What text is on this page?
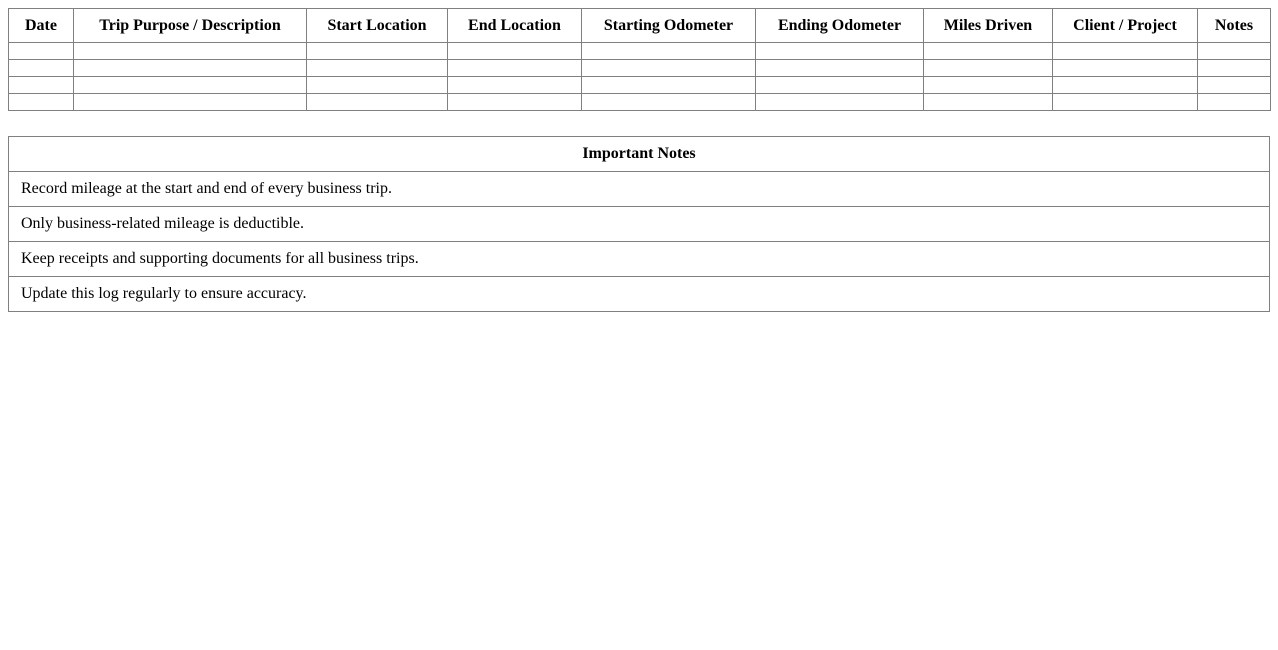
Date	Trip Purpose / Description	Start Location	End Location	Starting Odometer	Ending Odometer	Miles Driven	Client / Project	Notes

Important Notes
Record mileage at the start and end of every business trip.
Only business-related mileage is deductible.
Keep receipts and supporting documents for all business trips.
Update this log regularly to ensure accuracy.
